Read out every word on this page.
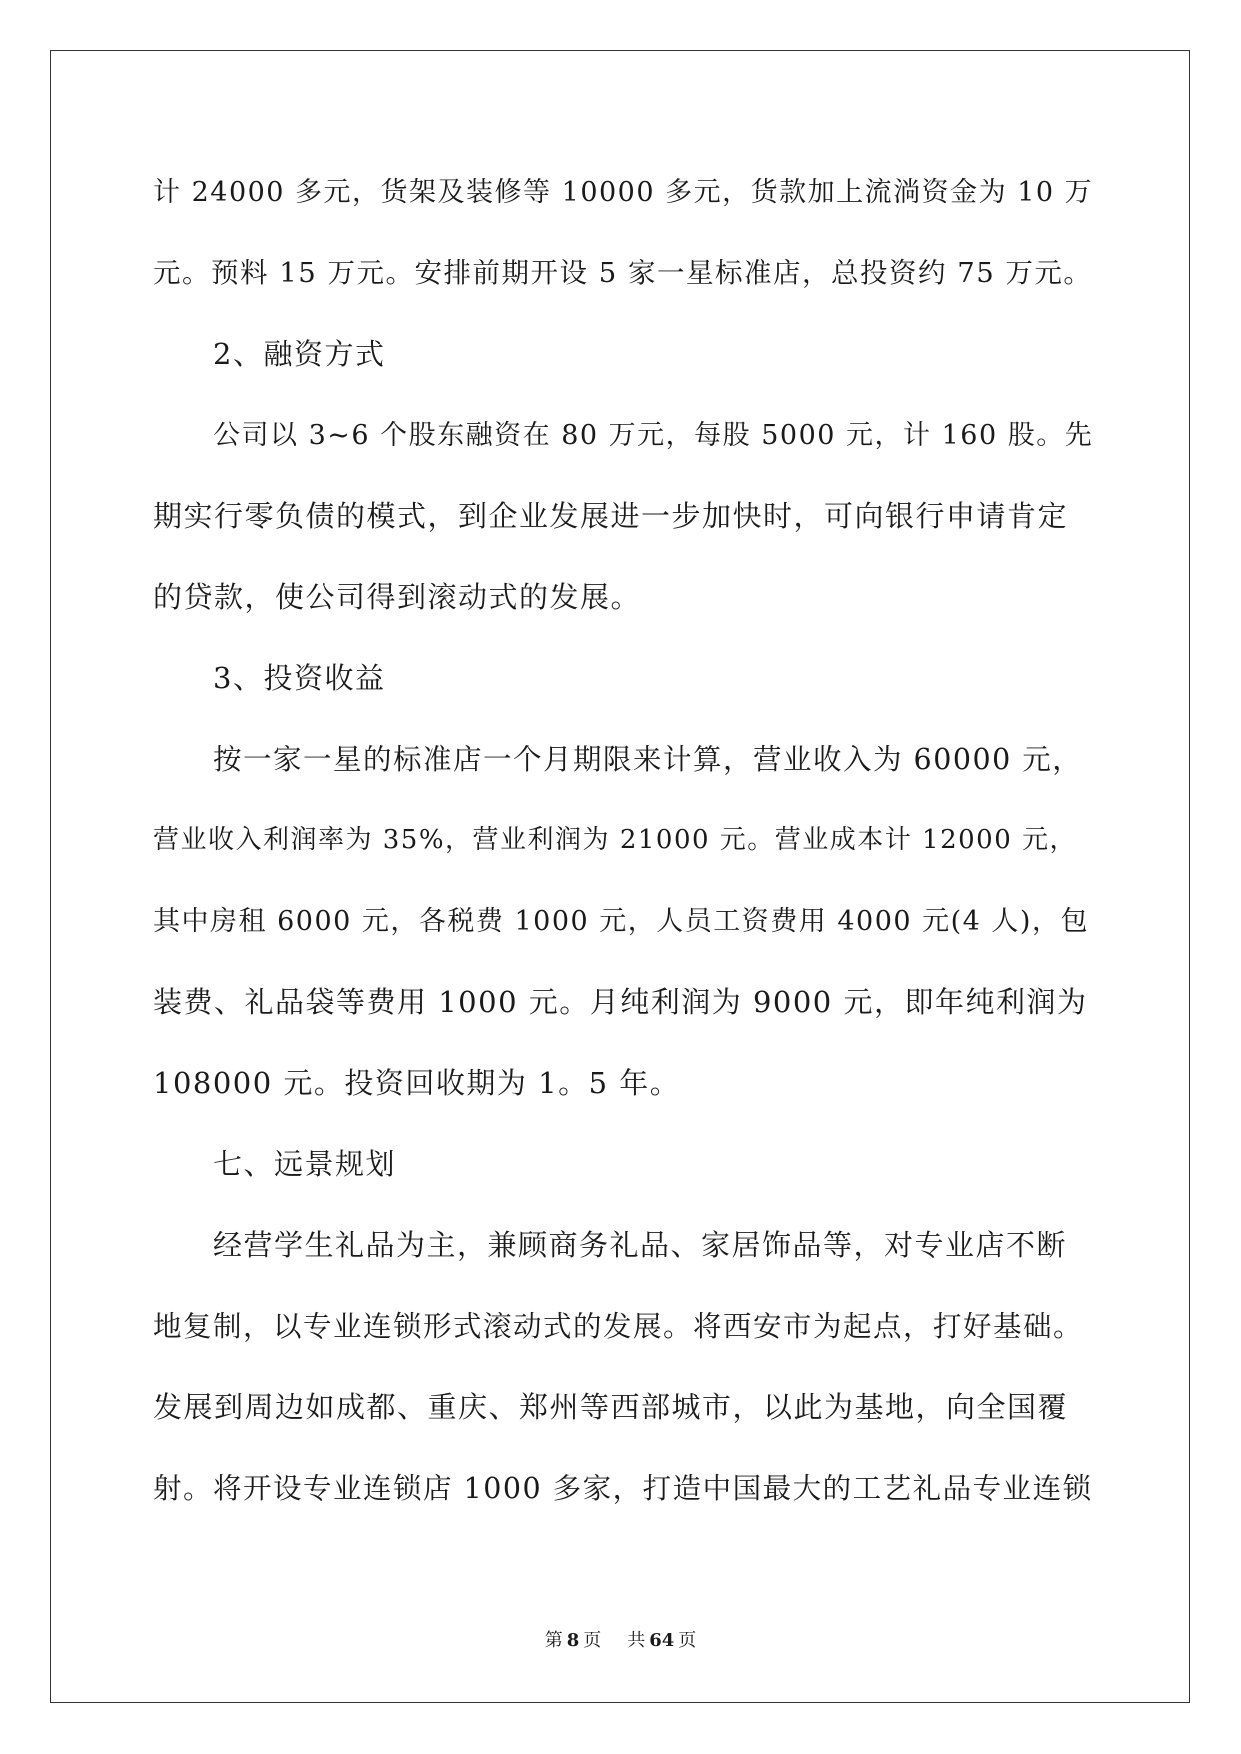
计 24000 多元，货架及装修等 10000 多元，货款加上流淌资金为 10 万
元。预料 15 万元。安排前期开设 5 家一星标准店，总投资约 75 万元。
2、融资方式
公司以 3~6 个股东融资在 80 万元，每股 5000 元，计 160 股。先
期实行零负债的模式，到企业发展进一步加快时，可向银行申请肯定
的贷款，使公司得到滚动式的发展。
3、投资收益
按一家一星的标准店一个月期限来计算，营业收入为 60000 元，
营业收入利润率为 35%，营业利润为 21000 元。营业成本计 12000 元，
其中房租 6000 元，各税费 1000 元，人员工资费用 4000 元(4 人)，包
装费、礼品袋等费用 1000 元。月纯利润为 9000 元，即年纯利润为
108000 元。投资回收期为 1。5 年。
七、远景规划
经营学生礼品为主，兼顾商务礼品、家居饰品等，对专业店不断
地复制，以专业连锁形式滚动式的发展。将西安市为起点，打好基础。
发展到周边如成都、重庆、郑州等西部城市，以此为基地，向全国覆
射。将开设专业连锁店 1000 多家，打造中国最大的工艺礼品专业连锁
第 8 页 共 64 页
